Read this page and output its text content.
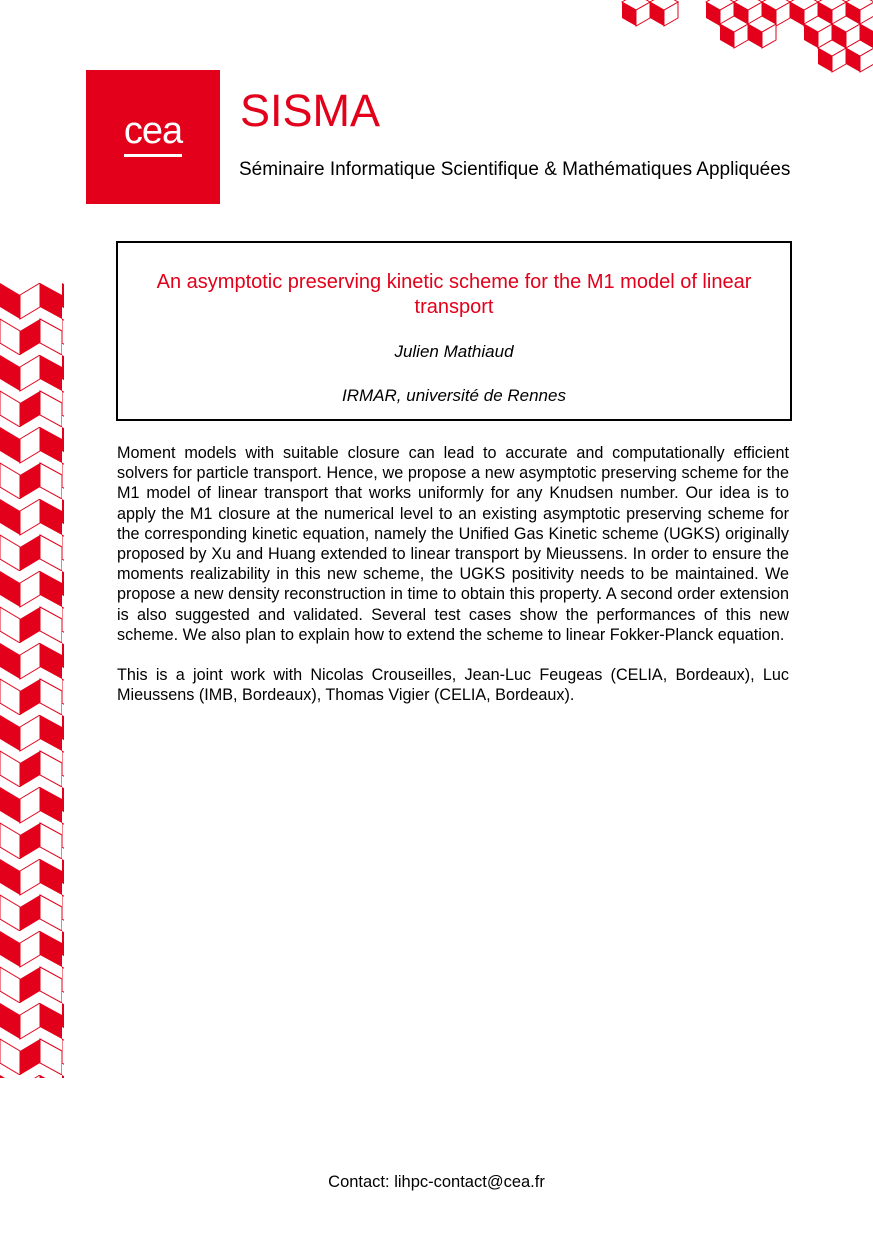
cea SISMA
Séminaire Informatique Scientifique & Mathématiques Appliquées
An asymptotic preserving kinetic scheme for the M1 model of linear transport
Julien Mathiaud
IRMAR, université de Rennes

Moment models with suitable closure can lead to accurate and computationally efficient solvers for particle transport. Hence, we propose a new asymptotic preserving scheme for the M1 model of linear transport that works uniformly for any Knudsen number. Our idea is to apply the M1 closure at the numerical level to an existing asymptotic preserving scheme for the corresponding kinetic equation, namely the Unified Gas Kinetic scheme (UGKS) originally proposed by Xu and Huang extended to linear transport by Mieussens. In order to ensure the moments realizability in this new scheme, the UGKS positivity needs to be maintained. We propose a new density reconstruction in time to obtain this property. A second order extension is also suggested and validated. Several test cases show the performances of this new scheme. We also plan to explain how to extend the scheme to linear Fokker-Planck equation.

This is a joint work with Nicolas Crouseilles, Jean-Luc Feugeas (CELIA, Bordeaux), Luc Mieussens (IMB, Bordeaux), Thomas Vigier (CELIA, Bordeaux).

Contact: lihpc-contact@cea.fr
